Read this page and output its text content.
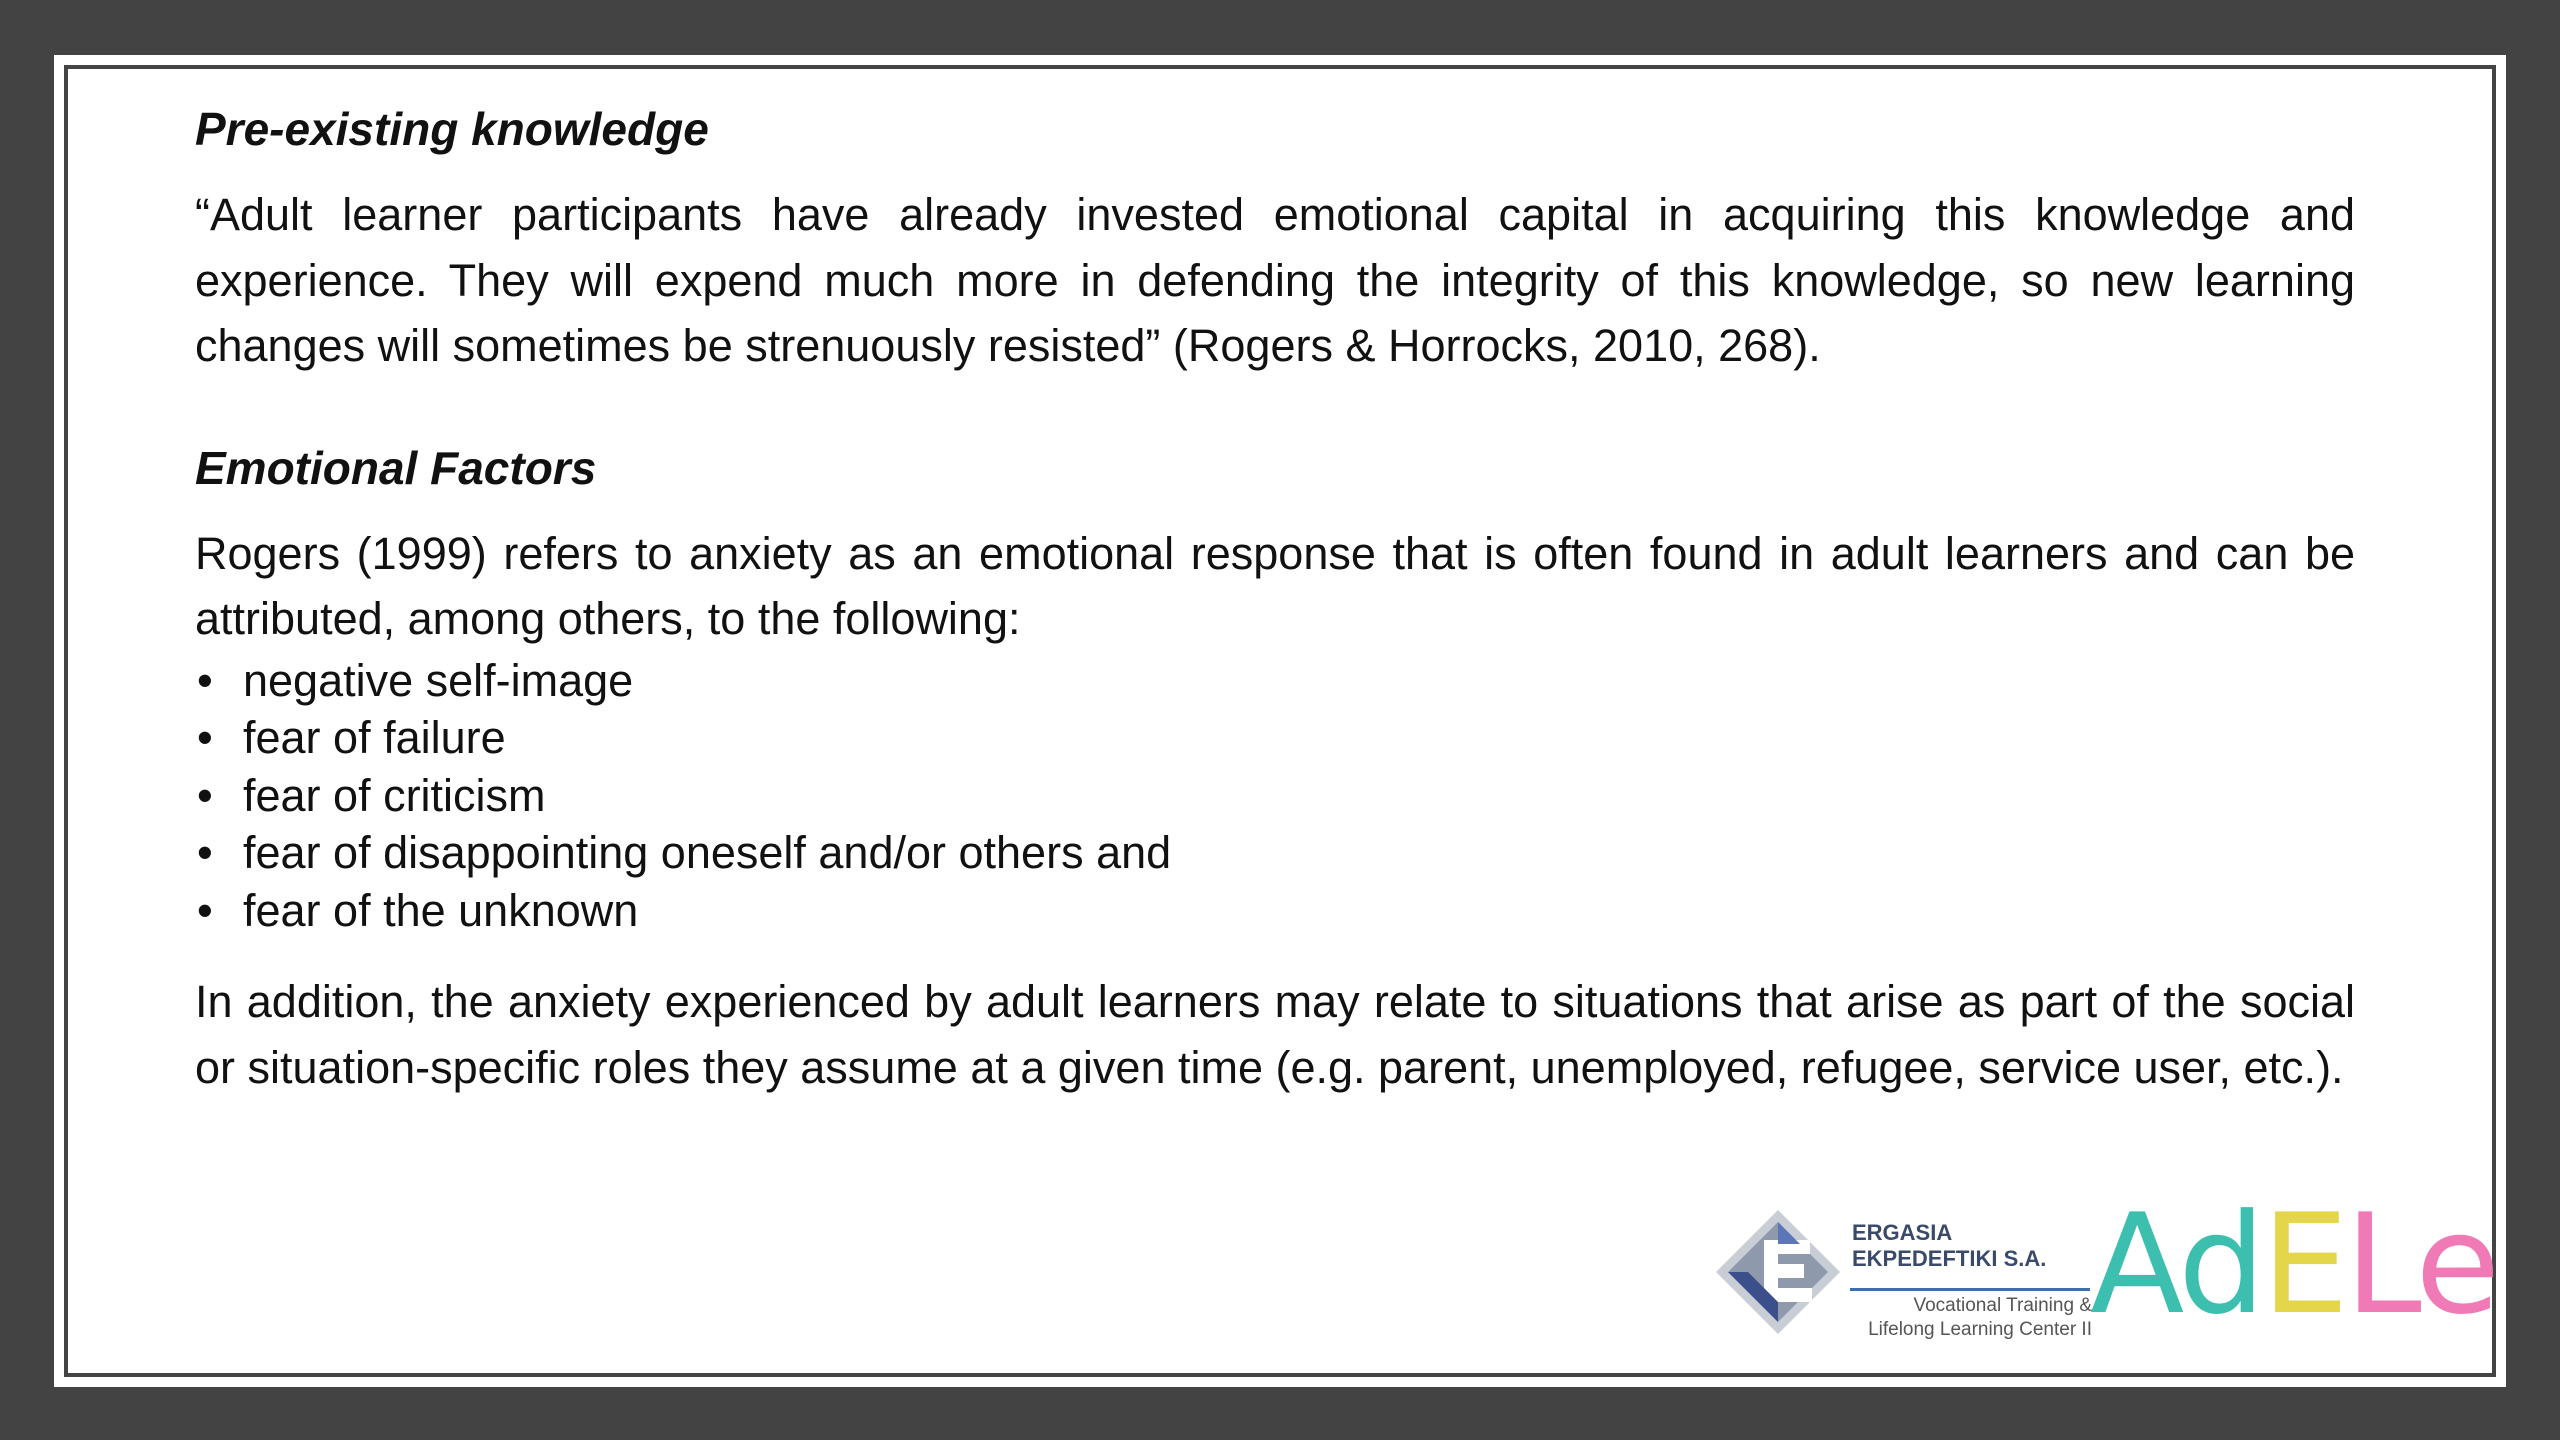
Pre-existing knowledge

“Adult learner participants have already invested emotional capital in acquiring this knowledge and experience. They will expend much more in defending the integrity of this knowledge, so new learning changes will sometimes be strenuously resisted” (Rogers & Horrocks, 2010, 268).

Emotional Factors

Rogers (1999) refers to anxiety as an emotional response that is often found in adult learners and can be attributed, among others, to the following:

• negative self-image
• fear of failure
• fear of criticism
• fear of disappointing oneself and/or others and
• fear of the unknown

In addition, the anxiety experienced by adult learners may relate to situations that arise as part of the social or situation-specific roles they assume at a given time (e.g. parent, unemployed, refugee, service user, etc.).

ERGASIA
EKPEDEFTIKI S.A.

Vocational Training &
Lifelong Learning Center II

AdELe
